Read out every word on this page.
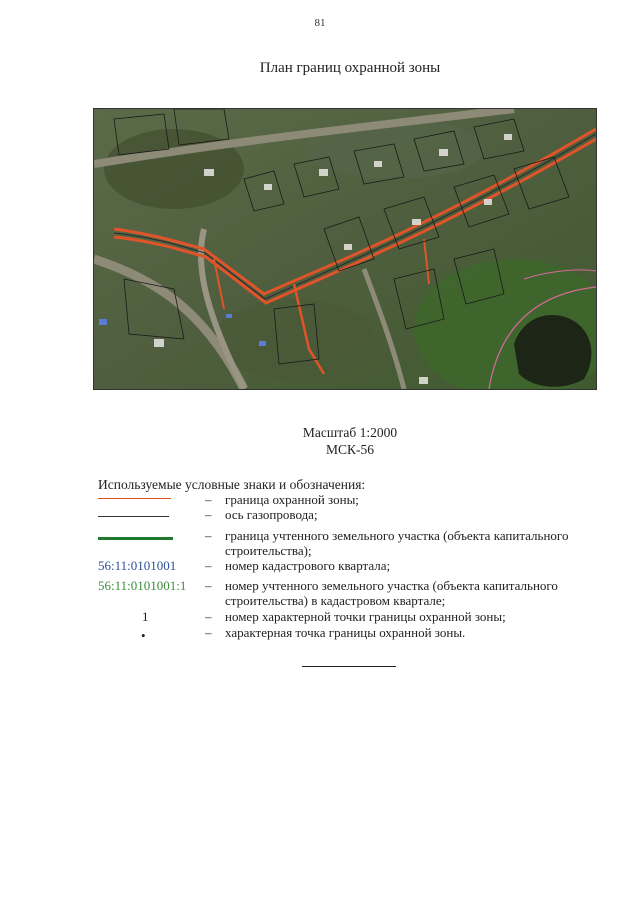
81
План границ охранной зоны
Масштаб 1:2000
МСК-56
Используемые условные знаки и обозначения:
– граница охранной зоны;
– ось газопровода;
– граница учтенного земельного участка (объекта капитального строительства);
56:11:0101001 – номер кадастрового квартала;
56:11:0101001:1 – номер учтенного земельного участка (объекта капитального строительства) в кадастровом квартале;
1	– номер характерной точки границы охранной зоны;
•	– характерная точка границы охранной зоны.
